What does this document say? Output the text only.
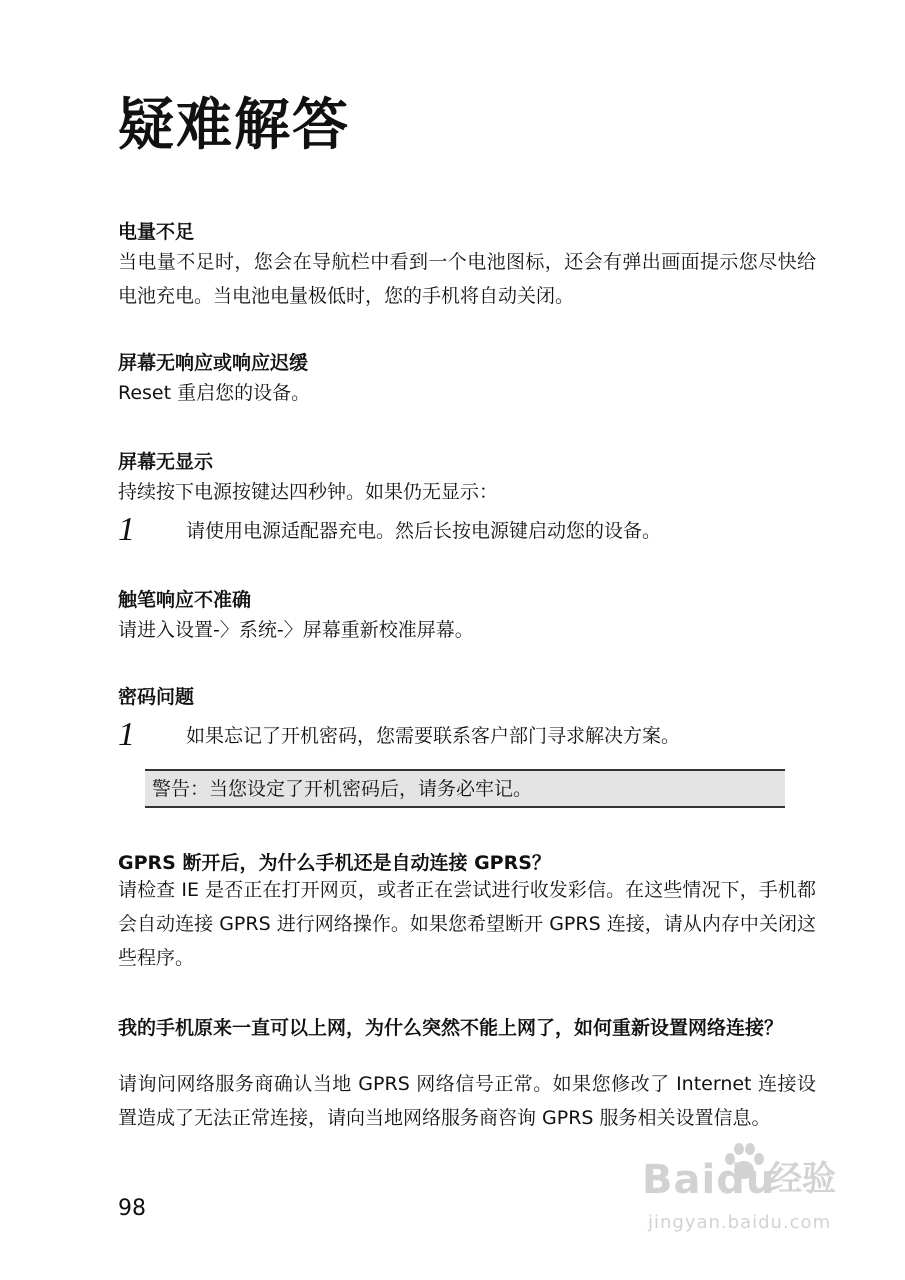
疑难解答
电量不足

当电量不足时，您会在导航栏中看到一个电池图标，还会有弹出画面提示您尽快给电池充电。当电池电量极低时，您的手机将自动关闭。

屏幕无响应或响应迟缓

Reset 重启您的设备。

屏幕无显示

持续按下电源按键达四秒钟。如果仍无显示：

1	请使用电源适配器充电。然后长按电源键启动您的设备。

触笔响应不准确

请进入设置-〉系统-〉屏幕重新校准屏幕。

密码问题
1	如果忘记了开机密码，您需要联系客户部门寻求解决方案。

警告：当您设定了开机密码后，请务必牢记。
GPRS 断开后，为什么手机还是自动连接 GPRS？

请检查 IE 是否正在打开网页，或者正在尝试进行收发彩信。在这些情况下，手机都会自动连接 GPRS 进行网络操作。如果您希望断开 GPRS 连接，请从内存中关闭这些程序。

我的手机原来一直可以上网，为什么突然不能上网了，如何重新设置网络连接？

请询问网络服务商确认当地 GPRS 网络信号正常。如果您修改了 Internet 连接设置造成了无法正常连接，请向当地网络服务商咨询 GPRS 服务相关设置信息。

98
Baidu
经验
jingyan.baidu.com
